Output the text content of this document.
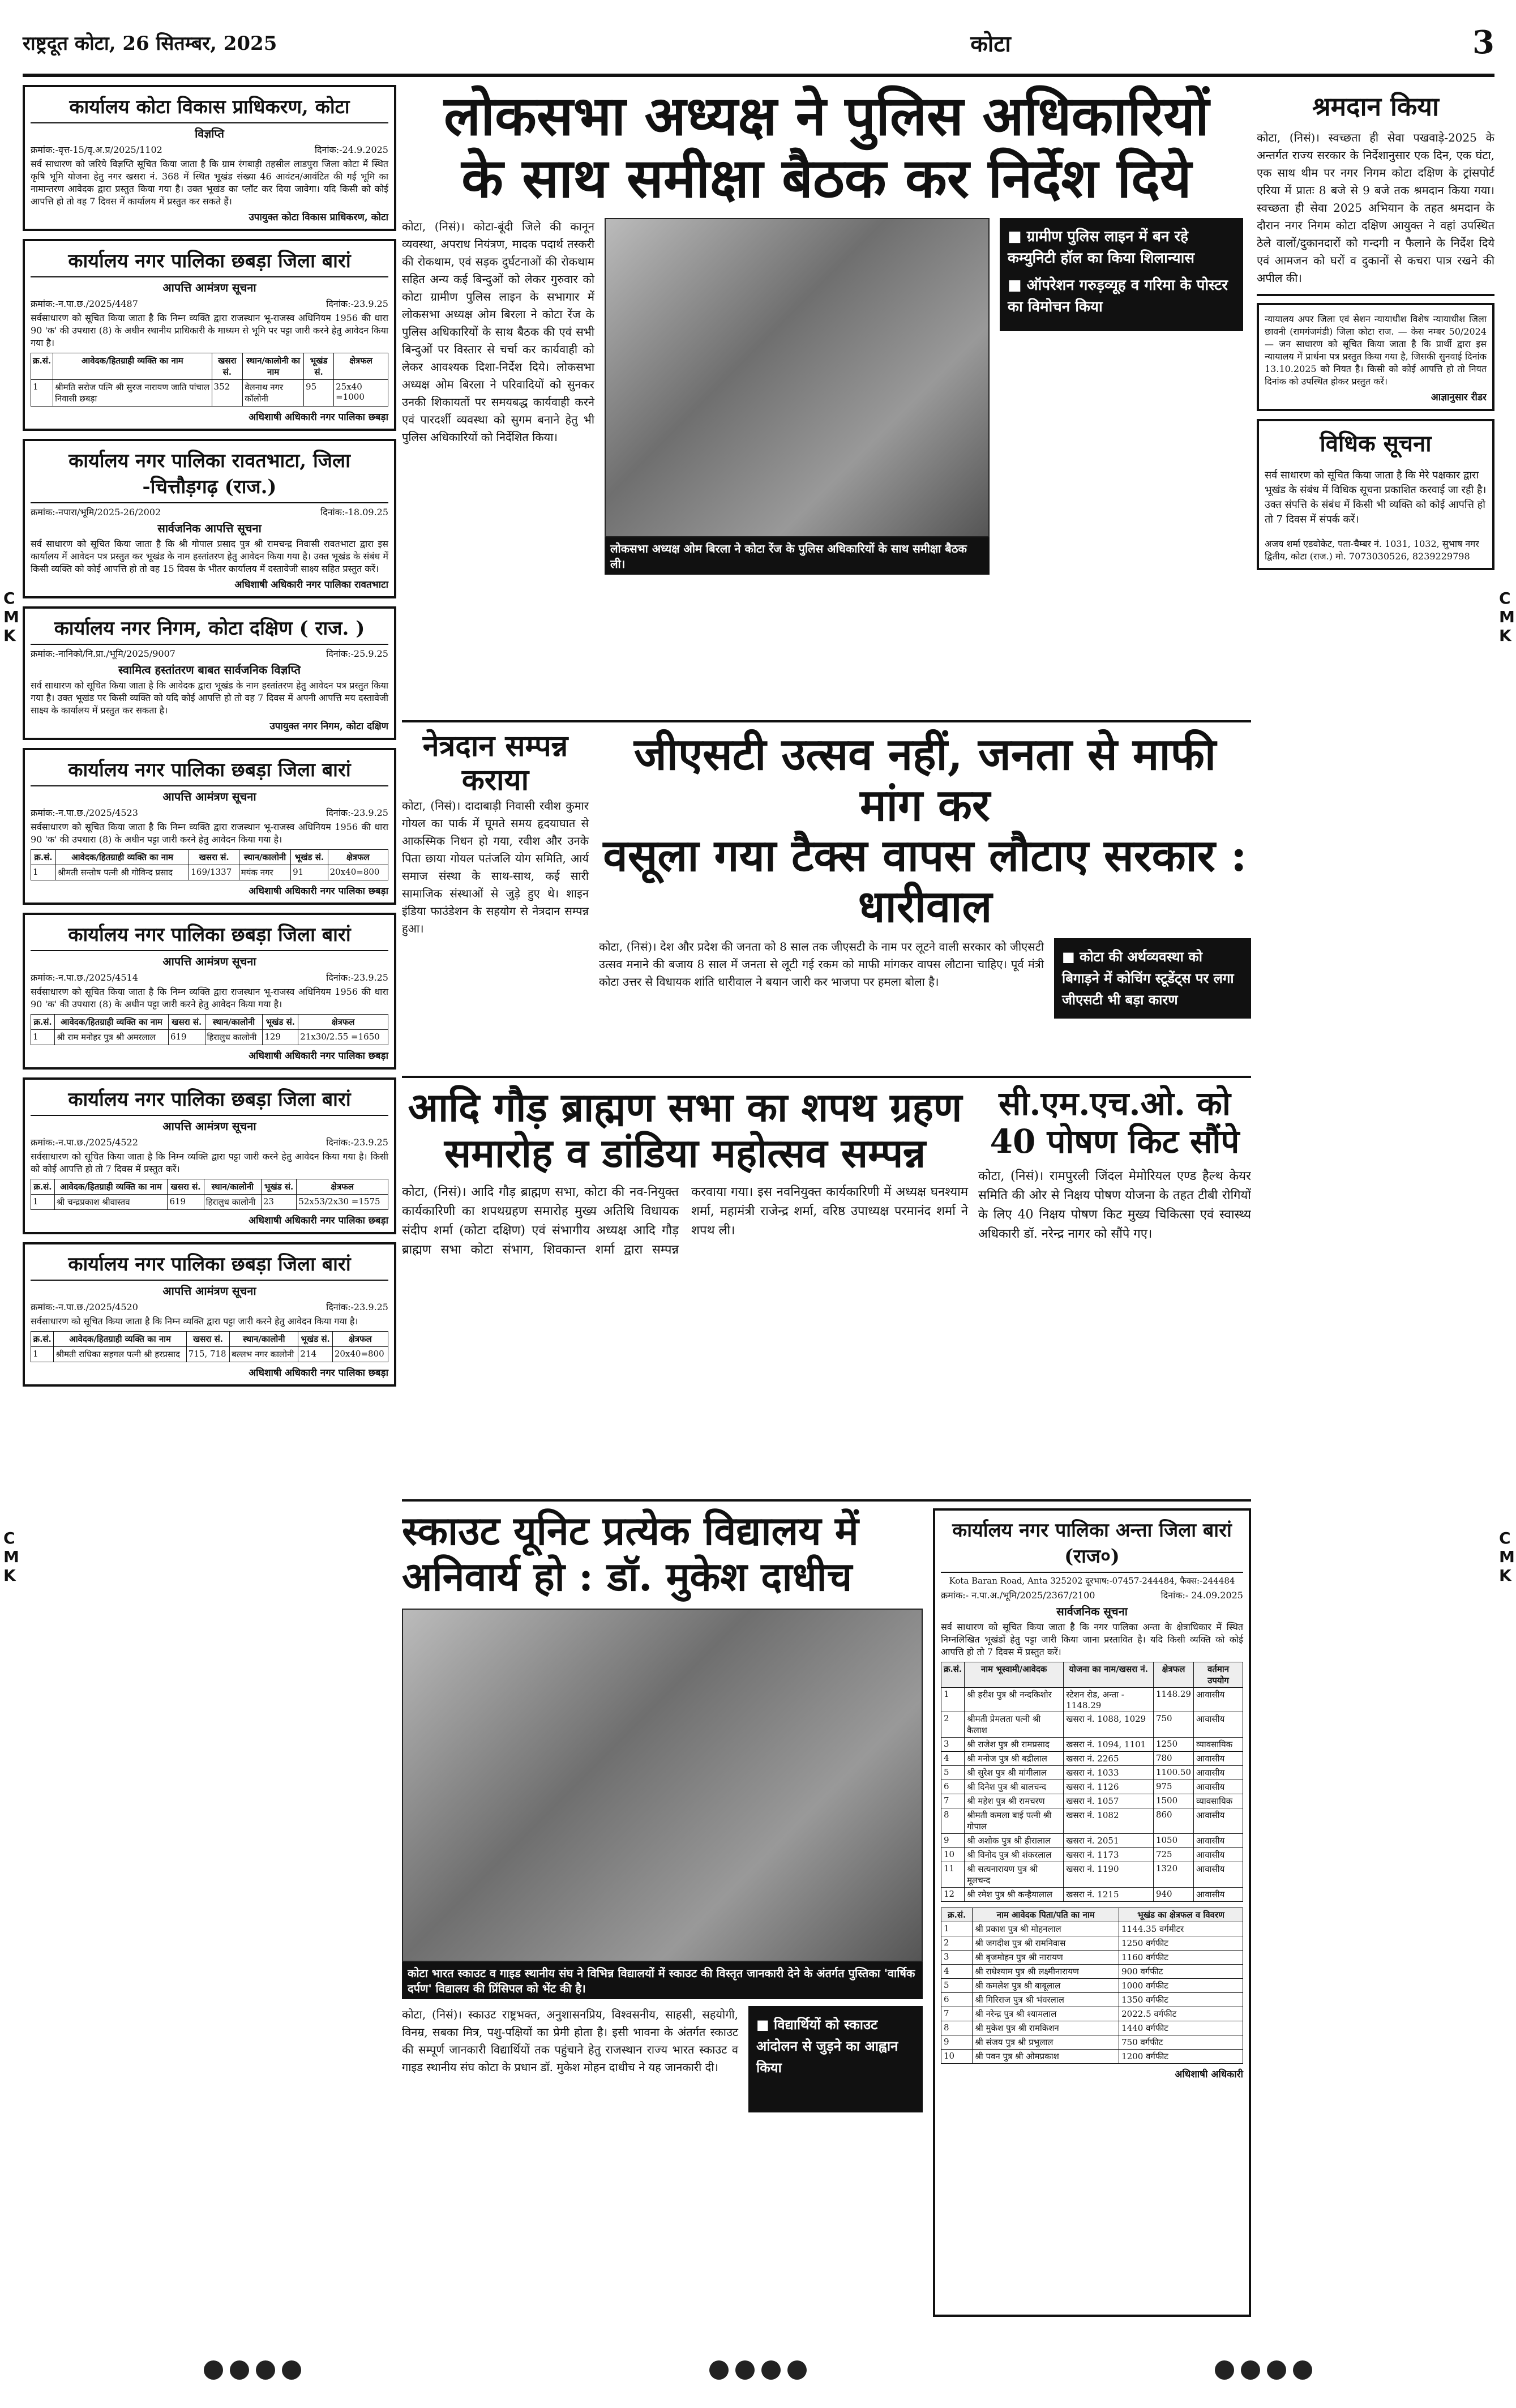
राष्ट्रदूत कोटा, 26 सितम्बर, 2025	कोटा	3
C
M
K
C
M
K
C
M
K
C
M
K
कार्यालय कोटा विकास प्राधिकरण, कोटा
विज्ञप्ति
क्रमांक:-वृत्त-15/वृ.अ.प्र/2025/1102	दिनांक:-24.9.2025

सर्व साधारण को जरिये विज्ञप्ति सूचित किया जाता है कि ग्राम रंगबाड़ी तहसील लाडपुरा जिला कोटा में स्थित कृषि भूमि योजना हेतु नगर खसरा नं. 368 में स्थित भूखंड संख्या 46 आवंटन/आवंटित की गई भूमि का नामान्तरण आवेदक द्वारा प्रस्तुत किया गया है। उक्त भूखंड का प्लॉट कर दिया जावेगा। यदि किसी को कोई आपत्ति हो तो वह 7 दिवस में कार्यालय में प्रस्तुत कर सकते हैं।

उपायुक्त कोटा विकास प्राधिकरण, कोटा
कार्यालय नगर पालिका छबड़ा जिला बारां
आपत्ति आमंत्रण सूचना
क्रमांक:-न.पा.छ./2025/4487	दिनांक:-23.9.25

सर्वसाधारण को सूचित किया जाता है कि निम्न व्यक्ति द्वारा राजस्थान भू-राजस्व अधिनियम 1956 की धारा 90 'क' की उपधारा (8) के अधीन स्थानीय प्राधिकारी के माध्यम से भूमि पर पट्टा जारी करने हेतु आवेदन किया गया है।

क्र.सं.	आवेदक/हितग्राही व्यक्ति का नाम	खसरा सं.	स्थान/कालोनी का नाम	भूखंड सं.	क्षेत्रफल
1	श्रीमति सरोज पत्नि श्री सुरज नारायण जाति पांचाल निवासी छबड़ा	352	वेलनाथ नगर कॉलोनी	95	25x40 =1000
अधिशाषी अधिकारी नगर पालिका छबड़ा
कार्यालय नगर पालिका रावतभाटा, जिला -चित्तौड़गढ़ (राज.)
क्रमांक:-नपारा/भूमि/2025-26/2002	दिनांक:-18.09.25
सार्वजनिक आपत्ति सूचना

सर्व साधारण को सूचित किया जाता है कि श्री गोपाल प्रसाद पुत्र श्री रामचन्द्र निवासी रावतभाटा द्वारा इस कार्यालय में आवेदन पत्र प्रस्तुत कर भूखंड के नाम हस्तांतरण हेतु आवेदन किया गया है। उक्त भूखंड के संबंध में किसी व्यक्ति को कोई आपत्ति हो तो वह 15 दिवस के भीतर कार्यालय में दस्तावेजी साक्ष्य सहित प्रस्तुत करें।

अधिशाषी अधिकारी नगर पालिका रावतभाटा
कार्यालय नगर निगम, कोटा दक्षिण ( राज. )
क्रमांक:-नानिको/नि.प्रा./भूमि/2025/9007	दिनांक:-25.9.25
स्वामित्व हस्तांतरण बाबत सार्वजनिक विज्ञप्ति

सर्व साधारण को सूचित किया जाता है कि आवेदक द्वारा भूखंड के नाम हस्तांतरण हेतु आवेदन पत्र प्रस्तुत किया गया है। उक्त भूखंड पर किसी व्यक्ति को यदि कोई आपत्ति हो तो वह 7 दिवस में अपनी आपत्ति मय दस्तावेजी साक्ष्य के कार्यालय में प्रस्तुत कर सकता है।

उपायुक्त नगर निगम, कोटा दक्षिण
कार्यालय नगर पालिका छबड़ा जिला बारां
आपत्ति आमंत्रण सूचना
क्रमांक:-न.पा.छ./2025/4523	दिनांक:-23.9.25

सर्वसाधारण को सूचित किया जाता है कि निम्न व्यक्ति द्वारा राजस्थान भू-राजस्व अधिनियम 1956 की धारा 90 'क' की उपधारा (8) के अधीन पट्टा जारी करने हेतु आवेदन किया गया है।

क्र.सं.	आवेदक/हितग्राही व्यक्ति का नाम	खसरा सं.	स्थान/कालोनी	भूखंड सं.	क्षेत्रफल
1	श्रीमती सन्तोष पत्नी श्री गोविन्द प्रसाद	169/1337	मयंक नगर	91	20x40=800
अधिशाषी अधिकारी नगर पालिका छबड़ा
कार्यालय नगर पालिका छबड़ा जिला बारां
आपत्ति आमंत्रण सूचना
क्रमांक:-न.पा.छ./2025/4514	दिनांक:-23.9.25

सर्वसाधारण को सूचित किया जाता है कि निम्न व्यक्ति द्वारा राजस्थान भू-राजस्व अधिनियम 1956 की धारा 90 'क' की उपधारा (8) के अधीन पट्टा जारी करने हेतु आवेदन किया गया है।

क्र.सं.	आवेदक/हितग्राही व्यक्ति का नाम	खसरा सं.	स्थान/कालोनी	भूखंड सं.	क्षेत्रफल
1	श्री राम मनोहर पुत्र श्री अमरलाल	619	हिरालुध कालोनी	129	21x30/2.55 =1650
अधिशाषी अधिकारी नगर पालिका छबड़ा
कार्यालय नगर पालिका छबड़ा जिला बारां
आपत्ति आमंत्रण सूचना
क्रमांक:-न.पा.छ./2025/4522	दिनांक:-23.9.25

सर्वसाधारण को सूचित किया जाता है कि निम्न व्यक्ति द्वारा पट्टा जारी करने हेतु आवेदन किया गया है। किसी को कोई आपत्ति हो तो 7 दिवस में प्रस्तुत करें।

क्र.सं.	आवेदक/हितग्राही व्यक्ति का नाम	खसरा सं.	स्थान/कालोनी	भूखंड सं.	क्षेत्रफल
1	श्री चन्द्रप्रकाश श्रीवास्तव	619	हिरालुध कालोनी	23	52x53/2x30 =1575
अधिशाषी अधिकारी नगर पालिका छबड़ा
कार्यालय नगर पालिका छबड़ा जिला बारां
आपत्ति आमंत्रण सूचना
क्रमांक:-न.पा.छ./2025/4520	दिनांक:-23.9.25

सर्वसाधारण को सूचित किया जाता है कि निम्न व्यक्ति द्वारा पट्टा जारी करने हेतु आवेदन किया गया है।

क्र.सं.	आवेदक/हितग्राही व्यक्ति का नाम	खसरा सं.	स्थान/कालोनी	भूखंड सं.	क्षेत्रफल
1	श्रीमती राधिका सहगल पत्नी श्री हरप्रसाद	715, 718	बल्लभ नगर कालोनी	214	20x40=800
अधिशाषी अधिकारी नगर पालिका छबड़ा
लोकसभा अध्यक्ष ने पुलिस अधिकारियों
के साथ समीक्षा बैठक कर निर्देश दिये
कोटा, (निसं)। कोटा-बूंदी जिले की कानून व्यवस्था, अपराध नियंत्रण, मादक पदार्थ तस्करी की रोकथाम, एवं सड़क दुर्घटनाओं की रोकथाम सहित अन्य कई बिन्दुओं को लेकर गुरुवार को कोटा ग्रामीण पुलिस लाइन के सभागार में लोकसभा अध्यक्ष ओम बिरला ने कोटा रेंज के पुलिस अधिकारियों के साथ बैठक की एवं सभी बिन्दुओं पर विस्तार से चर्चा कर कार्यवाही को लेकर आवश्यक दिशा-निर्देश दिये। लोकसभा अध्यक्ष ओम बिरला ने परिवादियों को सुनकर उनकी शिकायतों पर समयबद्ध कार्यवाही करने एवं पारदर्शी व्यवस्था को सुगम बनाने हेतु भी पुलिस अधिकारियों को निर्देशित किया।
लोकसभा अध्यक्ष ओम बिरला ने कोटा रेंज के पुलिस अधिकारियों के साथ समीक्षा बैठक ली।
■ ग्रामीण पुलिस लाइन में बन रहे कम्युनिटी हॉल का किया शिलान्यास
■ ऑपरेशन गरुड़व्यूह व गरिमा के पोस्टर का विमोचन किया
नेत्रदान सम्पन्न कराया
कोटा, (निसं)। दादाबाड़ी निवासी रवीश कुमार गोयल का पार्क में घूमते समय हृदयाघात से आकस्मिक निधन हो गया, रवीश और उनके पिता छाया गोयल पतंजलि योग समिति, आर्य समाज संस्था के साथ-साथ, कई सारी सामाजिक संस्थाओं से जुड़े हुए थे। शाइन इंडिया फाउंडेशन के सहयोग से नेत्रदान सम्पन्न हुआ।
जीएसटी उत्सव नहीं, जनता से माफी मांग कर
वसूला गया टैक्स वापस लौटाए सरकार : धारीवाल
कोटा, (निसं)। देश और प्रदेश की जनता को 8 साल तक जीएसटी के नाम पर लूटने वाली सरकार को जीएसटी उत्सव मनाने की बजाय 8 साल में जनता से लूटी गई रकम को माफी मांगकर वापस लौटाना चाहिए। पूर्व मंत्री कोटा उत्तर से विधायक शांति धारीवाल ने बयान जारी कर भाजपा पर हमला बोला है।
■ कोटा की अर्थव्यवस्था को बिगाड़ने में कोचिंग स्टूडेंट्स पर लगा जीएसटी भी बड़ा कारण
आदि गौड़ ब्राह्मण सभा का शपथ ग्रहण
समारोह व डांडिया महोत्सव सम्पन्न
कोटा, (निसं)। आदि गौड़ ब्राह्मण सभा, कोटा की नव-नियुक्त कार्यकारिणी का शपथग्रहण समारोह मुख्य अतिथि विधायक संदीप शर्मा (कोटा दक्षिण) एवं संभागीय अध्यक्ष आदि गौड़ ब्राह्मण सभा कोटा संभाग, शिवकान्त शर्मा द्वारा सम्पन्न करवाया गया। इस नवनियुक्त कार्यकारिणी में अध्यक्ष घनश्याम शर्मा, महामंत्री राजेन्द्र शर्मा, वरिष्ठ उपाध्यक्ष परमानंद शर्मा ने शपथ ली।
सी.एम.एच.ओ. को 40 पोषण किट सौंपे
कोटा, (निसं)। रामपुरली जिंदल मेमोरियल एण्ड हैल्थ केयर समिति की ओर से निक्षय पोषण योजना के तहत टीबी रोगियों के लिए 40 निक्षय पोषण किट मुख्य चिकित्सा एवं स्वास्थ्य अधिकारी डॉ. नरेन्द्र नागर को सौंपे गए।
स्काउट यूनिट प्रत्येक विद्यालय में
अनिवार्य हो : डॉ. मुकेश दाधीच
कोटा भारत स्काउट व गाइड स्थानीय संघ ने विभिन्न विद्यालयों में स्काउट की विस्तृत जानकारी देने के अंतर्गत पुस्तिका 'वार्षिक दर्पण' विद्यालय की प्रिंसिपल को भेंट की है।
कोटा, (निसं)। स्काउट राष्ट्रभक्त, अनुशासनप्रिय, विश्वसनीय, साहसी, सहयोगी, विनम्र, सबका मित्र, पशु-पक्षियों का प्रेमी होता है। इसी भावना के अंतर्गत स्काउट की सम्पूर्ण जानकारी विद्यार्थियों तक पहुंचाने हेतु राजस्थान राज्य भारत स्काउट व गाइड स्थानीय संघ कोटा के प्रधान डॉ. मुकेश मोहन दाधीच ने यह जानकारी दी।
■ विद्यार्थियों को स्काउट आंदोलन से जुड़ने का आह्वान किया
कार्यालय नगर पालिका अन्ता जिला बारां (राज०)
Kota Baran Road, Anta 325202 दूरभाष:-07457-244484, फैक्स:-244484
क्रमांक:- न.पा.अ./भूमि/2025/2367/2100	दिनांक:- 24.09.2025
सार्वजनिक सूचना

सर्व साधारण को सूचित किया जाता है कि नगर पालिका अन्ता के क्षेत्राधिकार में स्थित निम्नलिखित भूखंडों हेतु पट्टा जारी किया जाना प्रस्तावित है। यदि किसी व्यक्ति को कोई आपत्ति हो तो 7 दिवस में प्रस्तुत करें।

क्र.सं.	नाम भूस्वामी/आवेदक	योजना का नाम/खसरा नं.	क्षेत्रफल	वर्तमान उपयोग
1	श्री हरीश पुत्र श्री नन्दकिशोर	स्टेशन रोड, अन्ता - 1148.29	1148.29	आवासीय
2	श्रीमती प्रेमलता पत्नी श्री कैलाश	खसरा नं. 1088, 1029	750	आवासीय
3	श्री राजेश पुत्र श्री रामप्रसाद	खसरा नं. 1094, 1101	1250	व्यावसायिक
4	श्री मनोज पुत्र श्री बद्रीलाल	खसरा नं. 2265	780	आवासीय
5	श्री सुरेश पुत्र श्री मांगीलाल	खसरा नं. 1033	1100.50	आवासीय
6	श्री दिनेश पुत्र श्री बालचन्द	खसरा नं. 1126	975	आवासीय
7	श्री महेश पुत्र श्री रामचरण	खसरा नं. 1057	1500	व्यावसायिक
8	श्रीमती कमला बाई पत्नी श्री गोपाल	खसरा नं. 1082	860	आवासीय
9	श्री अशोक पुत्र श्री हीरालाल	खसरा नं. 2051	1050	आवासीय
10	श्री विनोद पुत्र श्री शंकरलाल	खसरा नं. 1173	725	आवासीय
11	श्री सत्यनारायण पुत्र श्री मूलचन्द	खसरा नं. 1190	1320	आवासीय
12	श्री रमेश पुत्र श्री कन्हैयालाल	खसरा नं. 1215	940	आवासीय
क्र.सं.	नाम आवेदक पिता/पति का नाम	भूखंड का क्षेत्रफल व विवरण
1	श्री प्रकाश पुत्र श्री मोहनलाल	1144.35 वर्गमीटर
2	श्री जगदीश पुत्र श्री रामनिवास	1250 वर्गफीट
3	श्री बृजमोहन पुत्र श्री नारायण	1160 वर्गफीट
4	श्री राधेश्याम पुत्र श्री लक्ष्मीनारायण	900 वर्गफीट
5	श्री कमलेश पुत्र श्री बाबूलाल	1000 वर्गफीट
6	श्री गिरिराज पुत्र श्री भंवरलाल	1350 वर्गफीट
7	श्री नरेन्द्र पुत्र श्री श्यामलाल	2022.5 वर्गफीट
8	श्री मुकेश पुत्र श्री रामकिशन	1440 वर्गफीट
9	श्री संजय पुत्र श्री प्रभुलाल	750 वर्गफीट
10	श्री पवन पुत्र श्री ओमप्रकाश	1200 वर्गफीट
अधिशाषी अधिकारी
श्रमदान किया
कोटा, (निसं)। स्वच्छता ही सेवा पखवाड़े-2025 के अन्तर्गत राज्य सरकार के निर्देशानुसार एक दिन, एक घंटा, एक साथ थीम पर नगर निगम कोटा दक्षिण के ट्रांसपोर्ट एरिया में प्रातः 8 बजे से 9 बजे तक श्रमदान किया गया। स्वच्छता ही सेवा 2025 अभियान के तहत श्रमदान के दौरान नगर निगम कोटा दक्षिण आयुक्त ने वहां उपस्थित ठेले वालों/दुकानदारों को गन्दगी न फैलाने के निर्देश दिये एवं आमजन को घरों व दुकानों से कचरा पात्र रखने की अपील की।

न्यायालय अपर जिला एवं सेशन न्यायाधीश विशेष न्यायाधीश जिला छावनी (रामगंजमंडी) जिला कोटा राज. — केस नम्बर 50/2024 — जन साधारण को सूचित किया जाता है कि प्रार्थी द्वारा इस न्यायालय में प्रार्थना पत्र प्रस्तुत किया गया है, जिसकी सुनवाई दिनांक 13.10.2025 को नियत है। किसी को कोई आपत्ति हो तो नियत दिनांक को उपस्थित होकर प्रस्तुत करें।

आज्ञानुसार रीडर
विधिक सूचना

सर्व साधारण को सूचित किया जाता है कि मेरे पक्षकार द्वारा भूखंड के संबंध में विधिक सूचना प्रकाशित करवाई जा रही है। उक्त संपत्ति के संबंध में किसी भी व्यक्ति को कोई आपत्ति हो तो 7 दिवस में संपर्क करें।

अजय शर्मा एडवोकेट, पता-चैम्बर नं. 1031, 1032, सुभाष नगर द्वितीय, कोटा (राज.) मो. 7073030526, 8239229798
